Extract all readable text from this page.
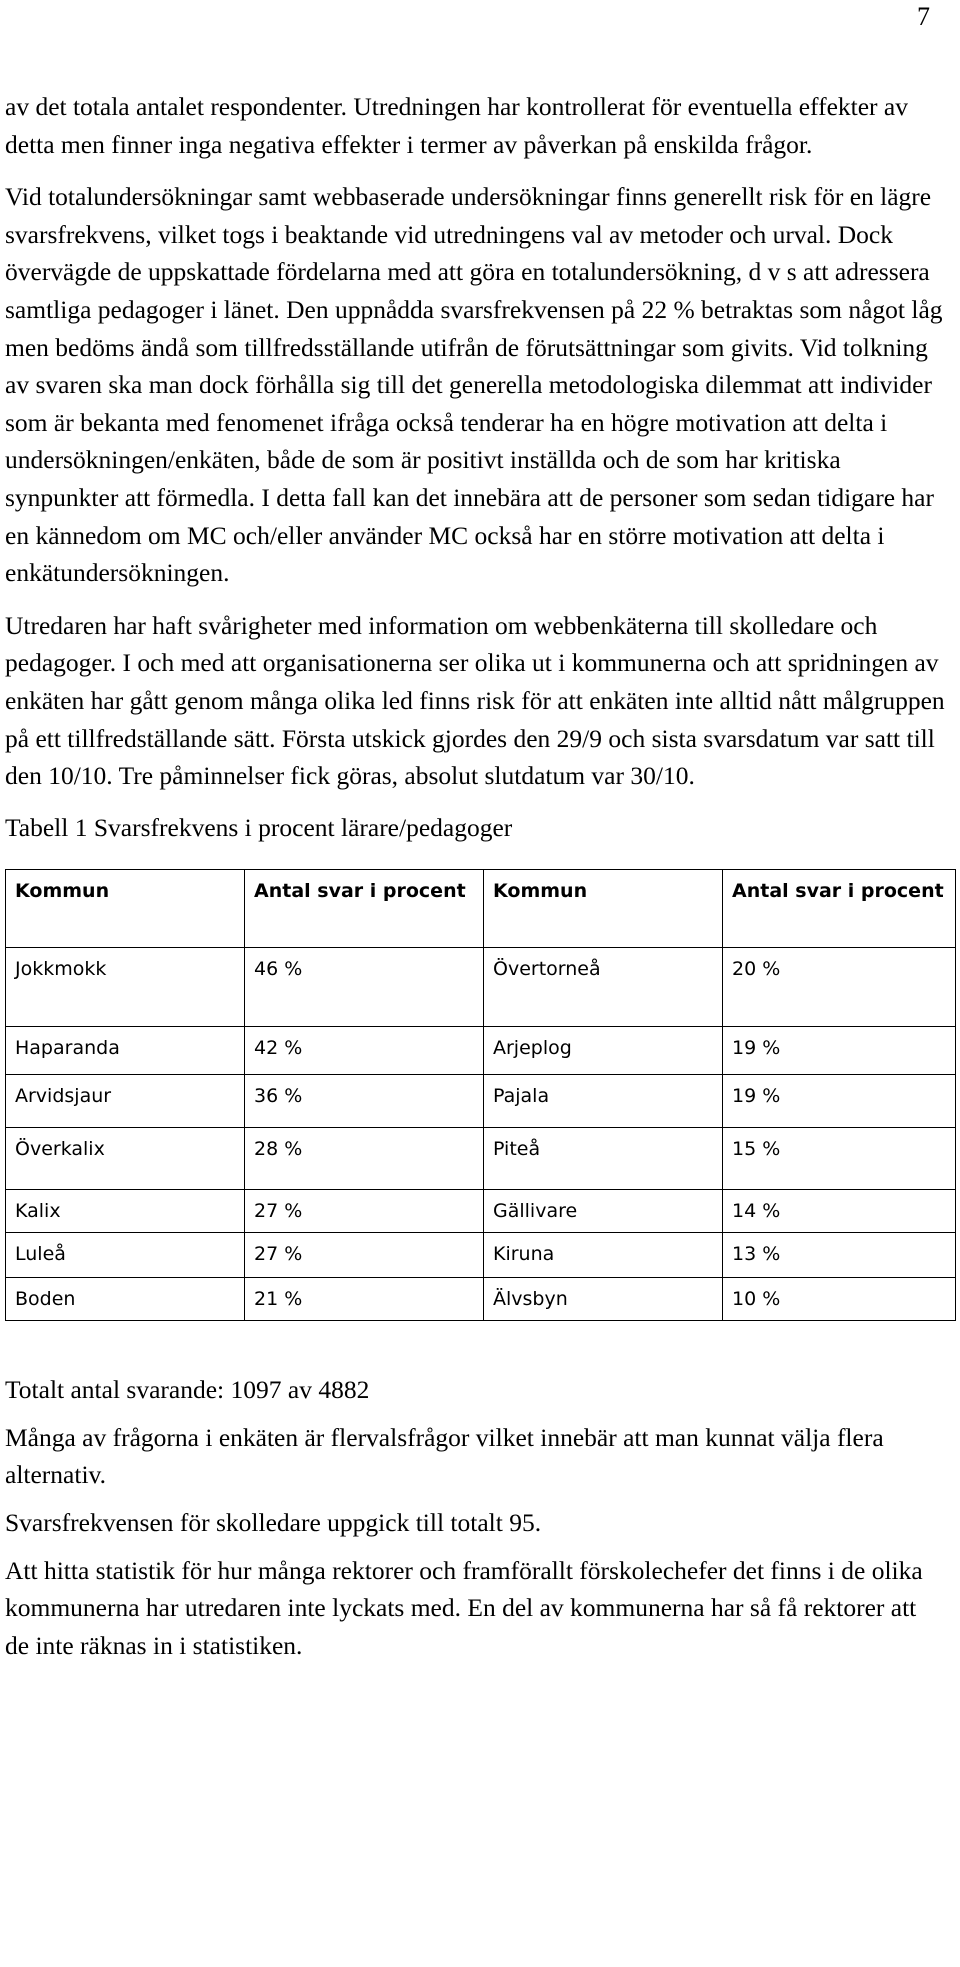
7

av det totala antalet respondenter. Utredningen har kontrollerat för eventuella effekter av detta men finner inga negativa effekter i termer av påverkan på enskilda frågor.

Vid totalundersökningar samt webbaserade undersökningar finns generellt risk för en lägre svarsfrekvens, vilket togs i beaktande vid utredningens val av metoder och urval. Dock övervägde de uppskattade fördelarna med att göra en totalundersökning, d v s att adressera samtliga pedagoger i länet. Den uppnådda svarsfrekvensen på 22 % betraktas som något låg men bedöms ändå som tillfredsställande utifrån de förutsättningar som givits. Vid tolkning av svaren ska man dock förhålla sig till det generella metodologiska dilemmat att individer som är bekanta med fenomenet ifråga också tenderar ha en högre motivation att delta i undersökningen/enkäten, både de som är positivt inställda och de som har kritiska synpunkter att förmedla. I detta fall kan det innebära att de personer som sedan tidigare har en kännedom om MC och/eller använder MC också har en större motivation att delta i enkätundersökningen.

Utredaren har haft svårigheter med information om webbenkäterna till skolledare och pedagoger. I och med att organisationerna ser olika ut i kommunerna och att spridningen av enkäten har gått genom många olika led finns risk för att enkäten inte alltid nått målgruppen på ett tillfredställande sätt. Första utskick gjordes den 29/9 och sista svarsdatum var satt till den 10/10. Tre påminnelser fick göras, absolut slutdatum var 30/10.

Tabell 1 Svarsfrekvens i procent lärare/pedagoger

Kommun	Antal svar i procent	Kommun	Antal svar i procent
Jokkmokk	46 %	Övertorneå	20 %
Haparanda	42 %	Arjeplog	19 %
Arvidsjaur	36 %	Pajala	19 %
Överkalix	28 %	Piteå	15 %
Kalix	27 %	Gällivare	14 %
Luleå	27 %	Kiruna	13 %
Boden	21 %	Älvsbyn	10 %

Totalt antal svarande: 1097 av 4882

Många av frågorna i enkäten är flervalsfrågor vilket innebär att man kunnat välja flera alternativ.

Svarsfrekvensen för skolledare uppgick till totalt 95.

Att hitta statistik för hur många rektorer och framförallt förskolechefer det finns i de olika kommunerna har utredaren inte lyckats med. En del av kommunerna har så få rektorer att de inte räknas in i statistiken.
